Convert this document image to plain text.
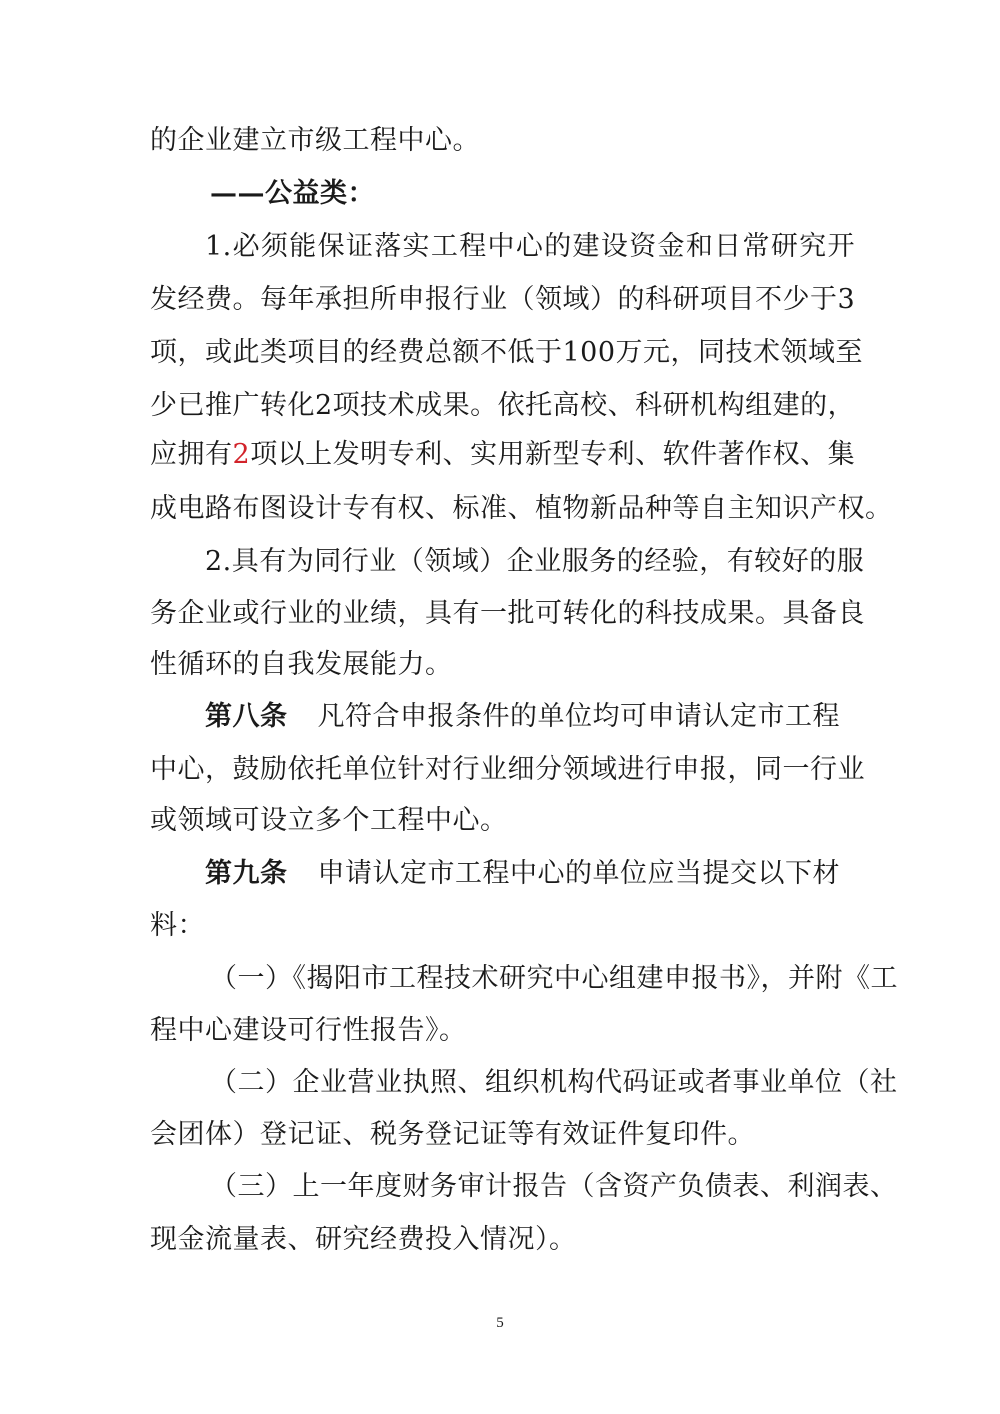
的企业建立市级工程中心。
——公益类：
1.必须能保证落实工程中心的建设资金和日常研究开
发经费。每年承担所申报行业（领域）的科研项目不少于3
项，或此类项目的经费总额不低于100万元，同技术领域至
少已推广转化2项技术成果。依托高校、科研机构组建的，
应拥有2项以上发明专利、实用新型专利、软件著作权、集
成电路布图设计专有权、标准、植物新品种等自主知识产权。
2.具有为同行业（领域）企业服务的经验，有较好的服
务企业或行业的业绩，具有一批可转化的科技成果。具备良
性循环的自我发展能力。
第八条 凡符合申报条件的单位均可申请认定市工程
中心，鼓励依托单位针对行业细分领域进行申报，同一行业
或领域可设立多个工程中心。
第九条 申请认定市工程中心的单位应当提交以下材
料：
（一）《揭阳市工程技术研究中心组建申报书》，并附《工
程中心建设可行性报告》。
（二）企业营业执照、组织机构代码证或者事业单位（社
会团体）登记证、税务登记证等有效证件复印件。
（三）上一年度财务审计报告（含资产负债表、利润表、
现金流量表、研究经费投入情况）。
5
